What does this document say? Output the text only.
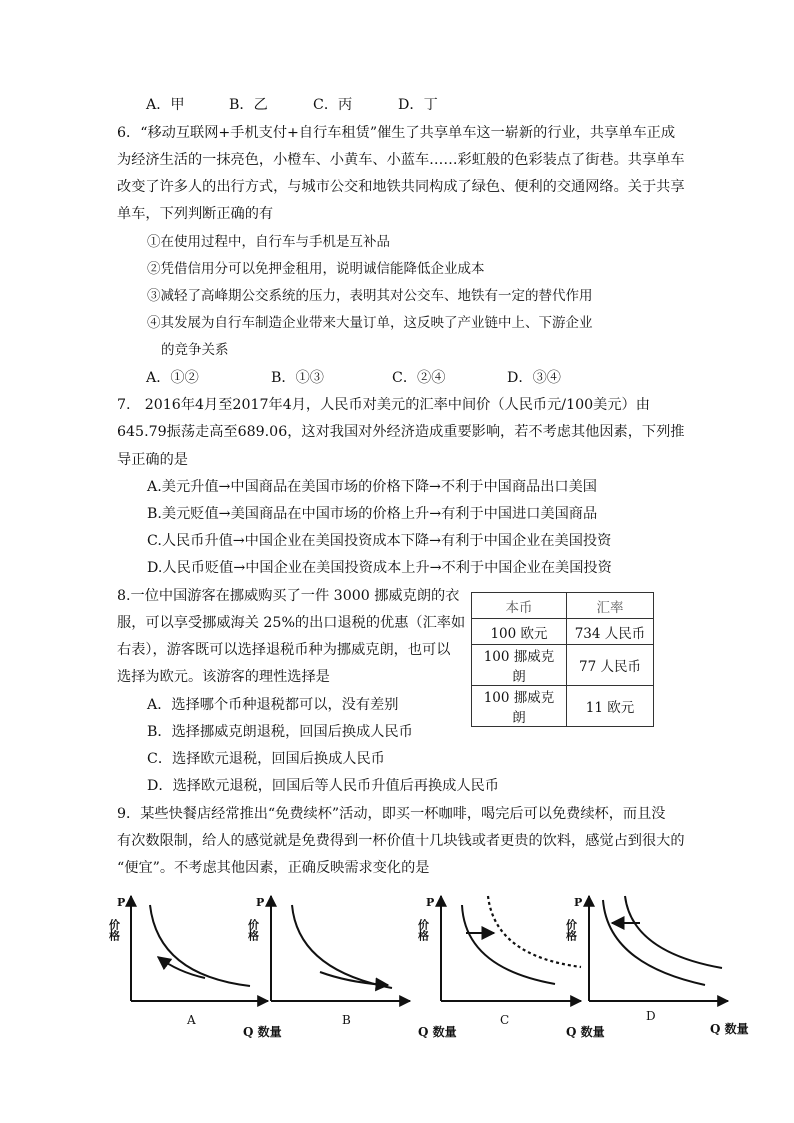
A．甲	B．乙	C．丙	D．丁
6．“移动互联网+手机支付+自行车租赁”催生了共享单车这一崭新的行业，共享单车正成
为经济生活的一抹亮色，小橙车、小黄车、小蓝车……彩虹般的色彩装点了街巷。共享单车
改变了许多人的出行方式，与城市公交和地铁共同构成了绿色、便利的交通网络。关于共享
单车，下列判断正确的有
①在使用过程中，自行车与手机是互补品
②凭借信用分可以免押金租用，说明诚信能降低企业成本
③减轻了高峰期公交系统的压力，表明其对公交车、地铁有一定的替代作用
④其发展为自行车制造企业带来大量订单，这反映了产业链中上、下游企业
的竞争关系
A．①②	B．①③	C．②④	D．③④
7.　2016年4月至2017年4月，人民币对美元的汇率中间价（人民币元/100美元）由
645.79振荡走高至689.06，这对我国对外经济造成重要影响，若不考虑其他因素，下列推
导正确的是
A.美元升值→中国商品在美国市场的价格下降→不利于中国商品出口美国
B.美元贬值→美国商品在中国市场的价格上升→有利于中国进口美国商品
C.人民币升值→中国企业在美国投资成本下降→有利于中国企业在美国投资
D.人民币贬值→中国企业在美国投资成本上升→不利于中国企业在美国投资
8.一位中国游客在挪威购买了一件 3000 挪威克朗的衣
服，可以享受挪威海关 25%的出口退税的优惠（汇率如
右表），游客既可以选择退税币种为挪威克朗，也可以
选择为欧元。该游客的理性选择是
本币	汇率
100 欧元	734 人民币
100 挪威克朗	77 人民币
100 挪威克朗	11 欧元
A．选择哪个币种退税都可以，没有差别
B．选择挪威克朗退税，回国后换成人民币
C．选择欧元退税，回国后换成人民币
D．选择欧元退税，回国后等人民币升值后再换成人民币
9．某些快餐店经常推出“免费续杯”活动，即买一杯咖啡，喝完后可以免费续杯，而且没
有次数限制，给人的感觉就是免费得到一杯价值十几块钱或者更贵的饮料，感觉占到很大的
“便宜”。不考虑其他因素，正确反映需求变化的是
P
价格
A
P
价格
B
P
价格
C
P
价格
D
Q 数量	Q 数量	Q 数量	Q 数量
